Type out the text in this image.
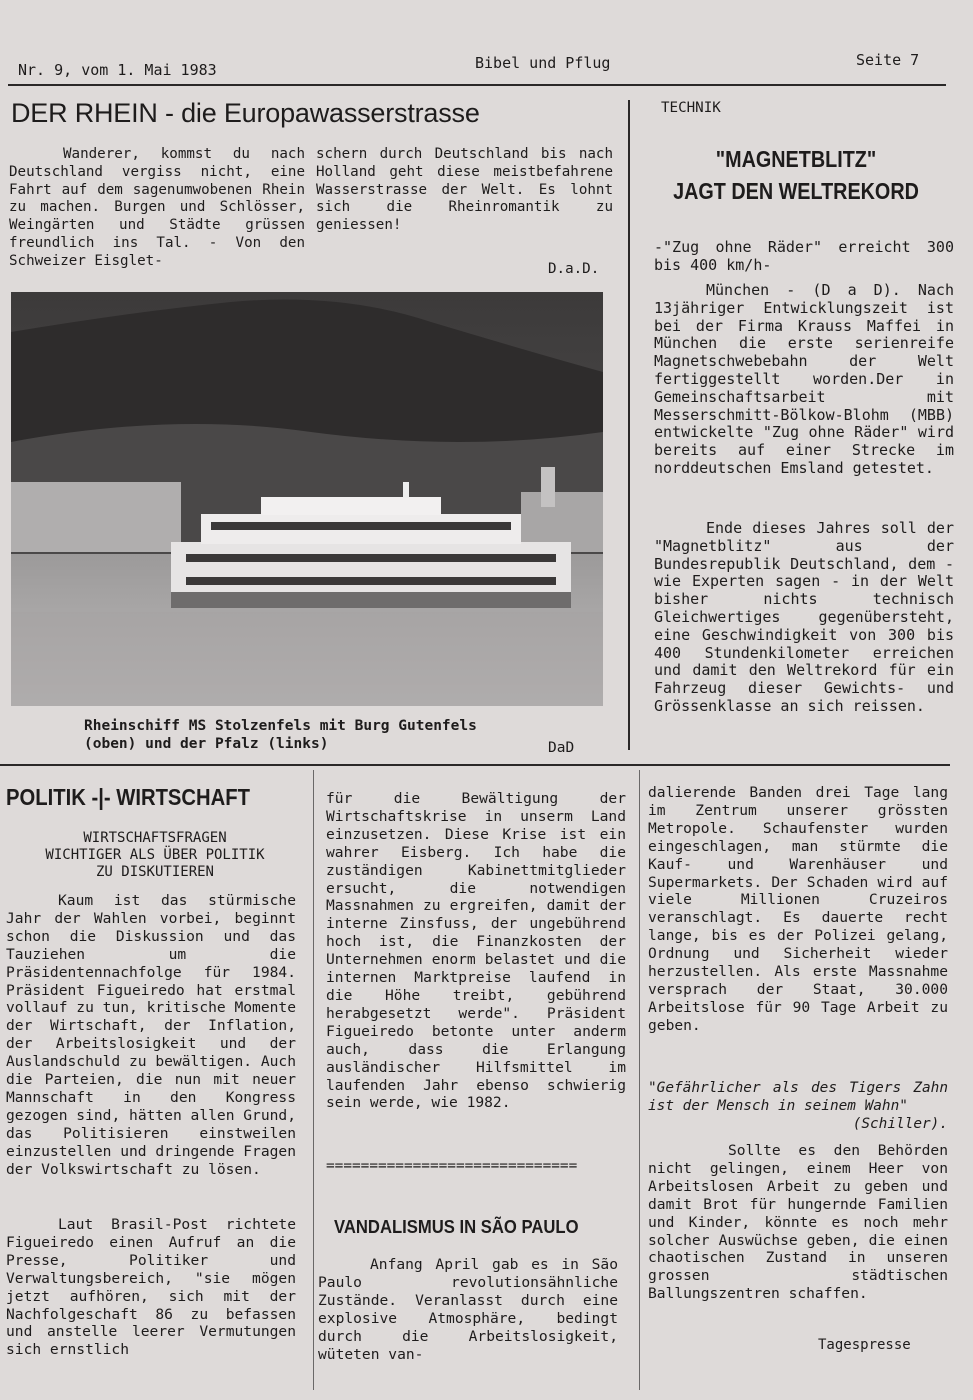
Nr. 9, vom 1. Mai 1983	Bibel und Pflug	Seite 7
DER RHEIN - die Europawasserstrasse

Wanderer, kommst du nach Deutschland vergiss nicht, eine Fahrt auf dem sagenumwobenen Rhein zu machen. Burgen und Schlösser, Weingärten und Städte grüssen freundlich ins Tal. - Von den Schweizer Eisglet-

schern durch Deutschland bis nach Holland geht diese meistbefahrene Wasserstrasse der Welt. Es lohnt sich die Rheinromantik zu geniessen!

D.a.D.
Rheinschiff MS Stolzenfels mit Burg Gutenfels
(oben) und der Pfalz (links)	DaD
TECHNIK
"MAGNETBLITZ"
JAGT DEN WELTREKORD

-"Zug ohne Räder" erreicht 300 bis 400 km/h-

München - (D a D). Nach 13jähriger Entwicklungszeit ist bei der Firma Krauss Maffei in München die erste serienreife Magnetschwebebahn der Welt fertiggestellt worden.Der in Gemeinschaftsarbeit mit Messerschmitt-Bölkow-Blohm (MBB) entwickelte "Zug ohne Räder" wird bereits auf einer Strecke im norddeutschen Emsland getestet.

Ende dieses Jahres soll der "Magnetblitz" aus der Bundesrepublik Deutschland, dem - wie Experten sagen - in der Welt bisher nichts technisch Gleichwertiges gegenübersteht, eine Geschwindigkeit von 300 bis 400 Stundenkilometer erreichen und damit den Weltrekord für ein Fahrzeug dieser Gewichts- und Grössenklasse an sich reissen.

POLITIK -|- WIRTSCHAFT
WIRTSCHAFTSFRAGEN
WICHTIGER ALS ÜBER POLITIK
ZU DISKUTIEREN

Kaum ist das stürmische Jahr der Wahlen vorbei, beginnt schon die Diskussion und das Tauziehen um die Präsidentennachfolge für 1984. Präsident Figueiredo hat erstmal vollauf zu tun, kritische Momente der Wirtschaft, der Inflation, der Arbeitslosigkeit und der Auslandschuld zu bewältigen. Auch die Parteien, die nun mit neuer Mannschaft in den Kongress gezogen sind, hätten allen Grund, das Politisieren einstweilen einzustellen und dringende Fragen der Volkswirtschaft zu lösen.

Laut Brasil-Post richtete Figueiredo einen Aufruf an die Presse, Politiker und Verwaltungsbereich, "sie mögen jetzt aufhören, sich mit der Nachfolgeschaft 86 zu befassen und anstelle leerer Vermutungen sich ernstlich

für die Bewältigung der Wirtschaftskrise in unserm Land einzusetzen. Diese Krise ist ein wahrer Eisberg. Ich habe die zuständigen Kabinettmitglieder ersucht, die notwendigen Massnahmen zu ergreifen, damit der interne Zinsfuss, der ungebührend hoch ist, die Finanzkosten der Unternehmen enorm belastet und die internen Marktpreise laufend in die Höhe treibt, gebührend herabgesetzt werde". Präsident Figueiredo betonte unter anderm auch, dass die Erlangung ausländischer Hilfsmittel im laufenden Jahr ebenso schwierig sein werde, wie 1982.

=============================
VANDALISMUS IN SÃO PAULO

Anfang April gab es in São Paulo revolutionsähnliche Zustände. Veranlasst durch eine explosive Atmosphäre, bedingt durch die Arbeitslosigkeit, wüteten van-

dalierende Banden drei Tage lang im Zentrum unserer grössten Metropole. Schaufenster wurden eingeschlagen, man stürmte die Kauf- und Warenhäuser und Supermarkets. Der Schaden wird auf viele Millionen Cruzeiros veranschlagt. Es dauerte recht lange, bis es der Polizei gelang, Ordnung und Sicherheit wieder herzustellen. Als erste Massnahme versprach der Staat, 30.000 Arbeitslose für 90 Tage Arbeit zu geben.

"Gefährlicher als des Tigers Zahn ist der Mensch in seinem Wahn"
(Schiller).

Sollte es den Behörden nicht gelingen, einem Heer von Arbeitslosen Arbeit zu geben und damit Brot für hungernde Familien und Kinder, könnte es noch mehr solcher Auswüchse geben, die einen chaotischen Zustand in unseren grossen städtischen Ballungszentren schaffen.

Tagespresse
